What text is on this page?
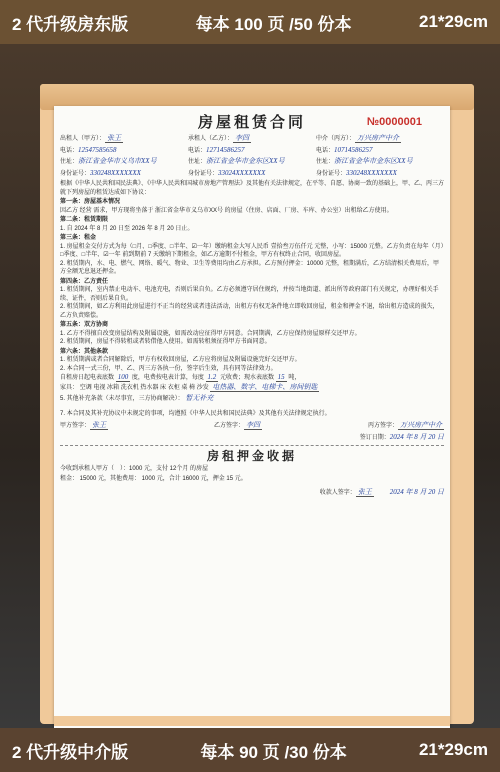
2 代升级房东版	每本 100 页 /50 份本	21*29cm
房屋租赁合同	№0000001
出租人（甲方）： 张王	承租人（乙方）： 李四	中介（丙方）： 万兴房产中介
电话：12547585658	电话：12714586257	电话：10714586257
住址：浙江省金华市义乌市XX号	住址：浙江省金华市金东区XX号	住址：浙江省金华市金东区XX号
身份证号：330248XXXXXXX	身份证号：33024XXXXXXX	身份证号：330248XXXXXXX
根据《中华人民共和国民法典》、《中华人民共和国城市房地产管理法》及其他有关法律规定，在平等、自愿、协商一致的基础上，甲、乙、丙三方就下列房屋的租赁达成如下协议：
第一条：房屋基本情况
因乙方 经营 需求，甲方现将坐落于 浙江省金华市义乌市XX号 的房屋（住房、店面、厂房、车库、办公室）出租给乙方使用。
第二条：租赁期限
1. 自 2024 年 8 月 20 日至 2026 年 8 月 20 日止。
第三条：租金
1. 房屋租金交付方式为每（□月、□季度、□半年、☑一年）缴纳租金大写人民币 壹拾叁万伍仟元 元整，小写：15000 元整。乙方负责在每年（月）□季度、□半年、☑一年 前到期前 7 天缴纳下期租金，如乙方逾期不付租金，甲方有权终止合同，收回房屋。
2. 租赁期内，水、电、燃气、网络、暖气、物业、卫生等费用均由乙方承担。乙方预付押金：10000 元整，租期满后，乙方结清相关费用后，甲方全额无息退还押金。
第四条：乙方责任
1. 租赁期间，室内禁止电动车、电池充电，否则后果自负。乙方必须遵守居住规约，并按当地街道、派出所等政府部门有关规定，办理好相关手续、证件，否则后果自负。
2. 租赁期间，如乙方利用此房屋进行不正当的经营或者违法活动，出租方有权无条件地立即收回房屋，租金和押金不退，给出租方造成的损失，乙方负责赔偿。
第五条：双方协商
1. 乙方不得擅自改变房屋结构及附属设施，如需改动应征得甲方同意。合同期满，乙方应保持房屋原样交还甲方。
2. 租赁期间，房屋不得转租或者转借他人使用。如需转租须征得甲方书面同意。
第六条：其他条款
1. 租赁期满或者合同解除后，甲方有权收回房屋，乙方应将房屋及附属设施完好交还甲方。
2. 本合同一式三份，甲、乙、丙三方各执一份，签字后生效，具有同等法律效力。
自租房日起电表底数 100 度，电费按电表计算，每度 1.2 元收费；现水表底数 15 吨，
家具： 空调 电视 冰箱 洗衣机 热水器 床 衣柜 桌 椅 沙发 电热器、数字、电梯卡、房间钥匙
5. 其他补充条款（未尽事宜，三方协商解决）： 暂无补充
7. 本合同及其补充协议中未规定的事项，均遵照《中华人民共和国民法典》及其他有关法律规定执行。
甲方签字： 张王	乙方签字： 李四	丙方签字： 万兴房产中介
签订日期：2024 年 8 月 20 日
房租押金收据
今收到承租人甲方（　）：1000 元，支付 12个月 的房屋
租金： 15000 元，其他费用： 1000 元，合计 16000 元，押金 15 元。
收款人签字： 张王	2024 年 8 月 20 日
2 代升级中介版	每本 90 页 /30 份本	21*29cm
